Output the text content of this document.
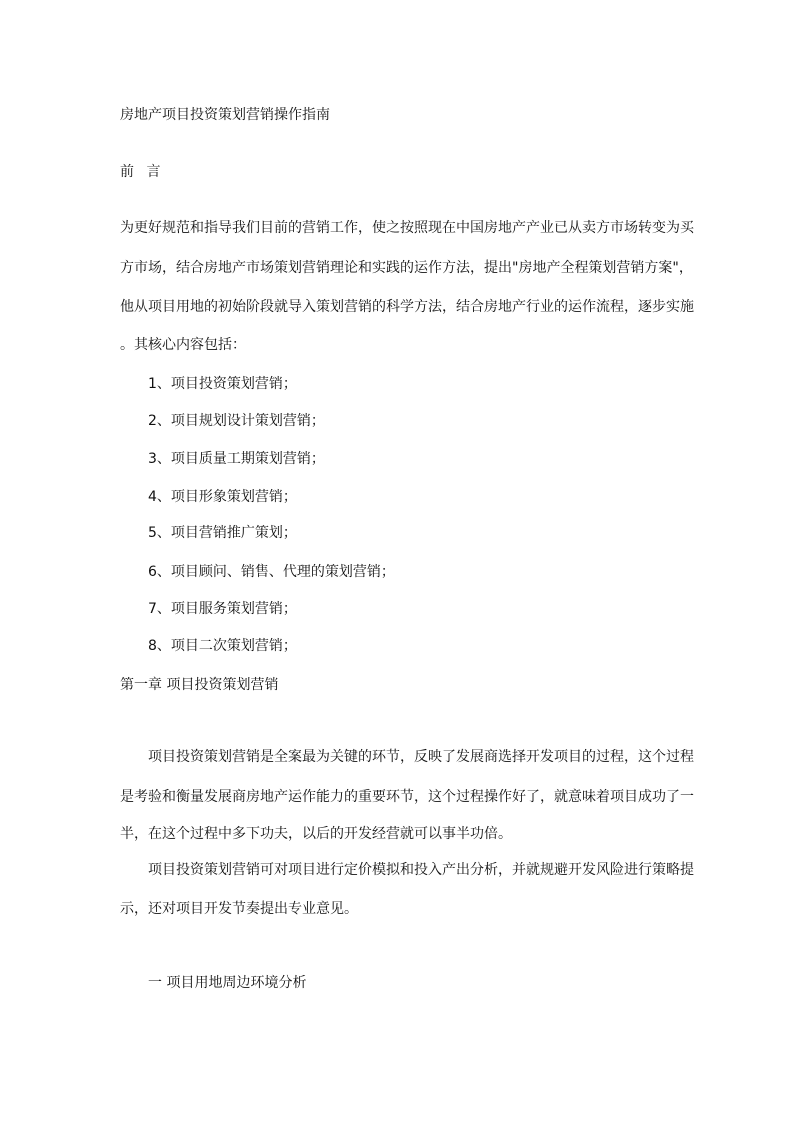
房地产项目投资策划营销操作指南
前 言
为更好规范和指导我们目前的营销工作，使之按照现在中国房地产产业已从卖方市场转变为买
方市场，结合房地产市场策划营销理论和实践的运作方法，提出"房地产全程策划营销方案"，
他从项目用地的初始阶段就导入策划营销的科学方法，结合房地产行业的运作流程，逐步实施
。其核心内容包括：
1、项目投资策划营销；
2、项目规划设计策划营销；
3、项目质量工期策划营销；
4、项目形象策划营销；
5、项目营销推广策划；
6、项目顾问、销售、代理的策划营销；
7、项目服务策划营销；
8、项目二次策划营销；
第一章 项目投资策划营销
项目投资策划营销是全案最为关键的环节，反映了发展商选择开发项目的过程，这个过程
是考验和衡量发展商房地产运作能力的重要环节，这个过程操作好了，就意味着项目成功了一
半，在这个过程中多下功夫，以后的开发经营就可以事半功倍。
项目投资策划营销可对项目进行定价模拟和投入产出分析，并就规避开发风险进行策略提
示，还对项目开发节奏提出专业意见。
一 项目用地周边环境分析
